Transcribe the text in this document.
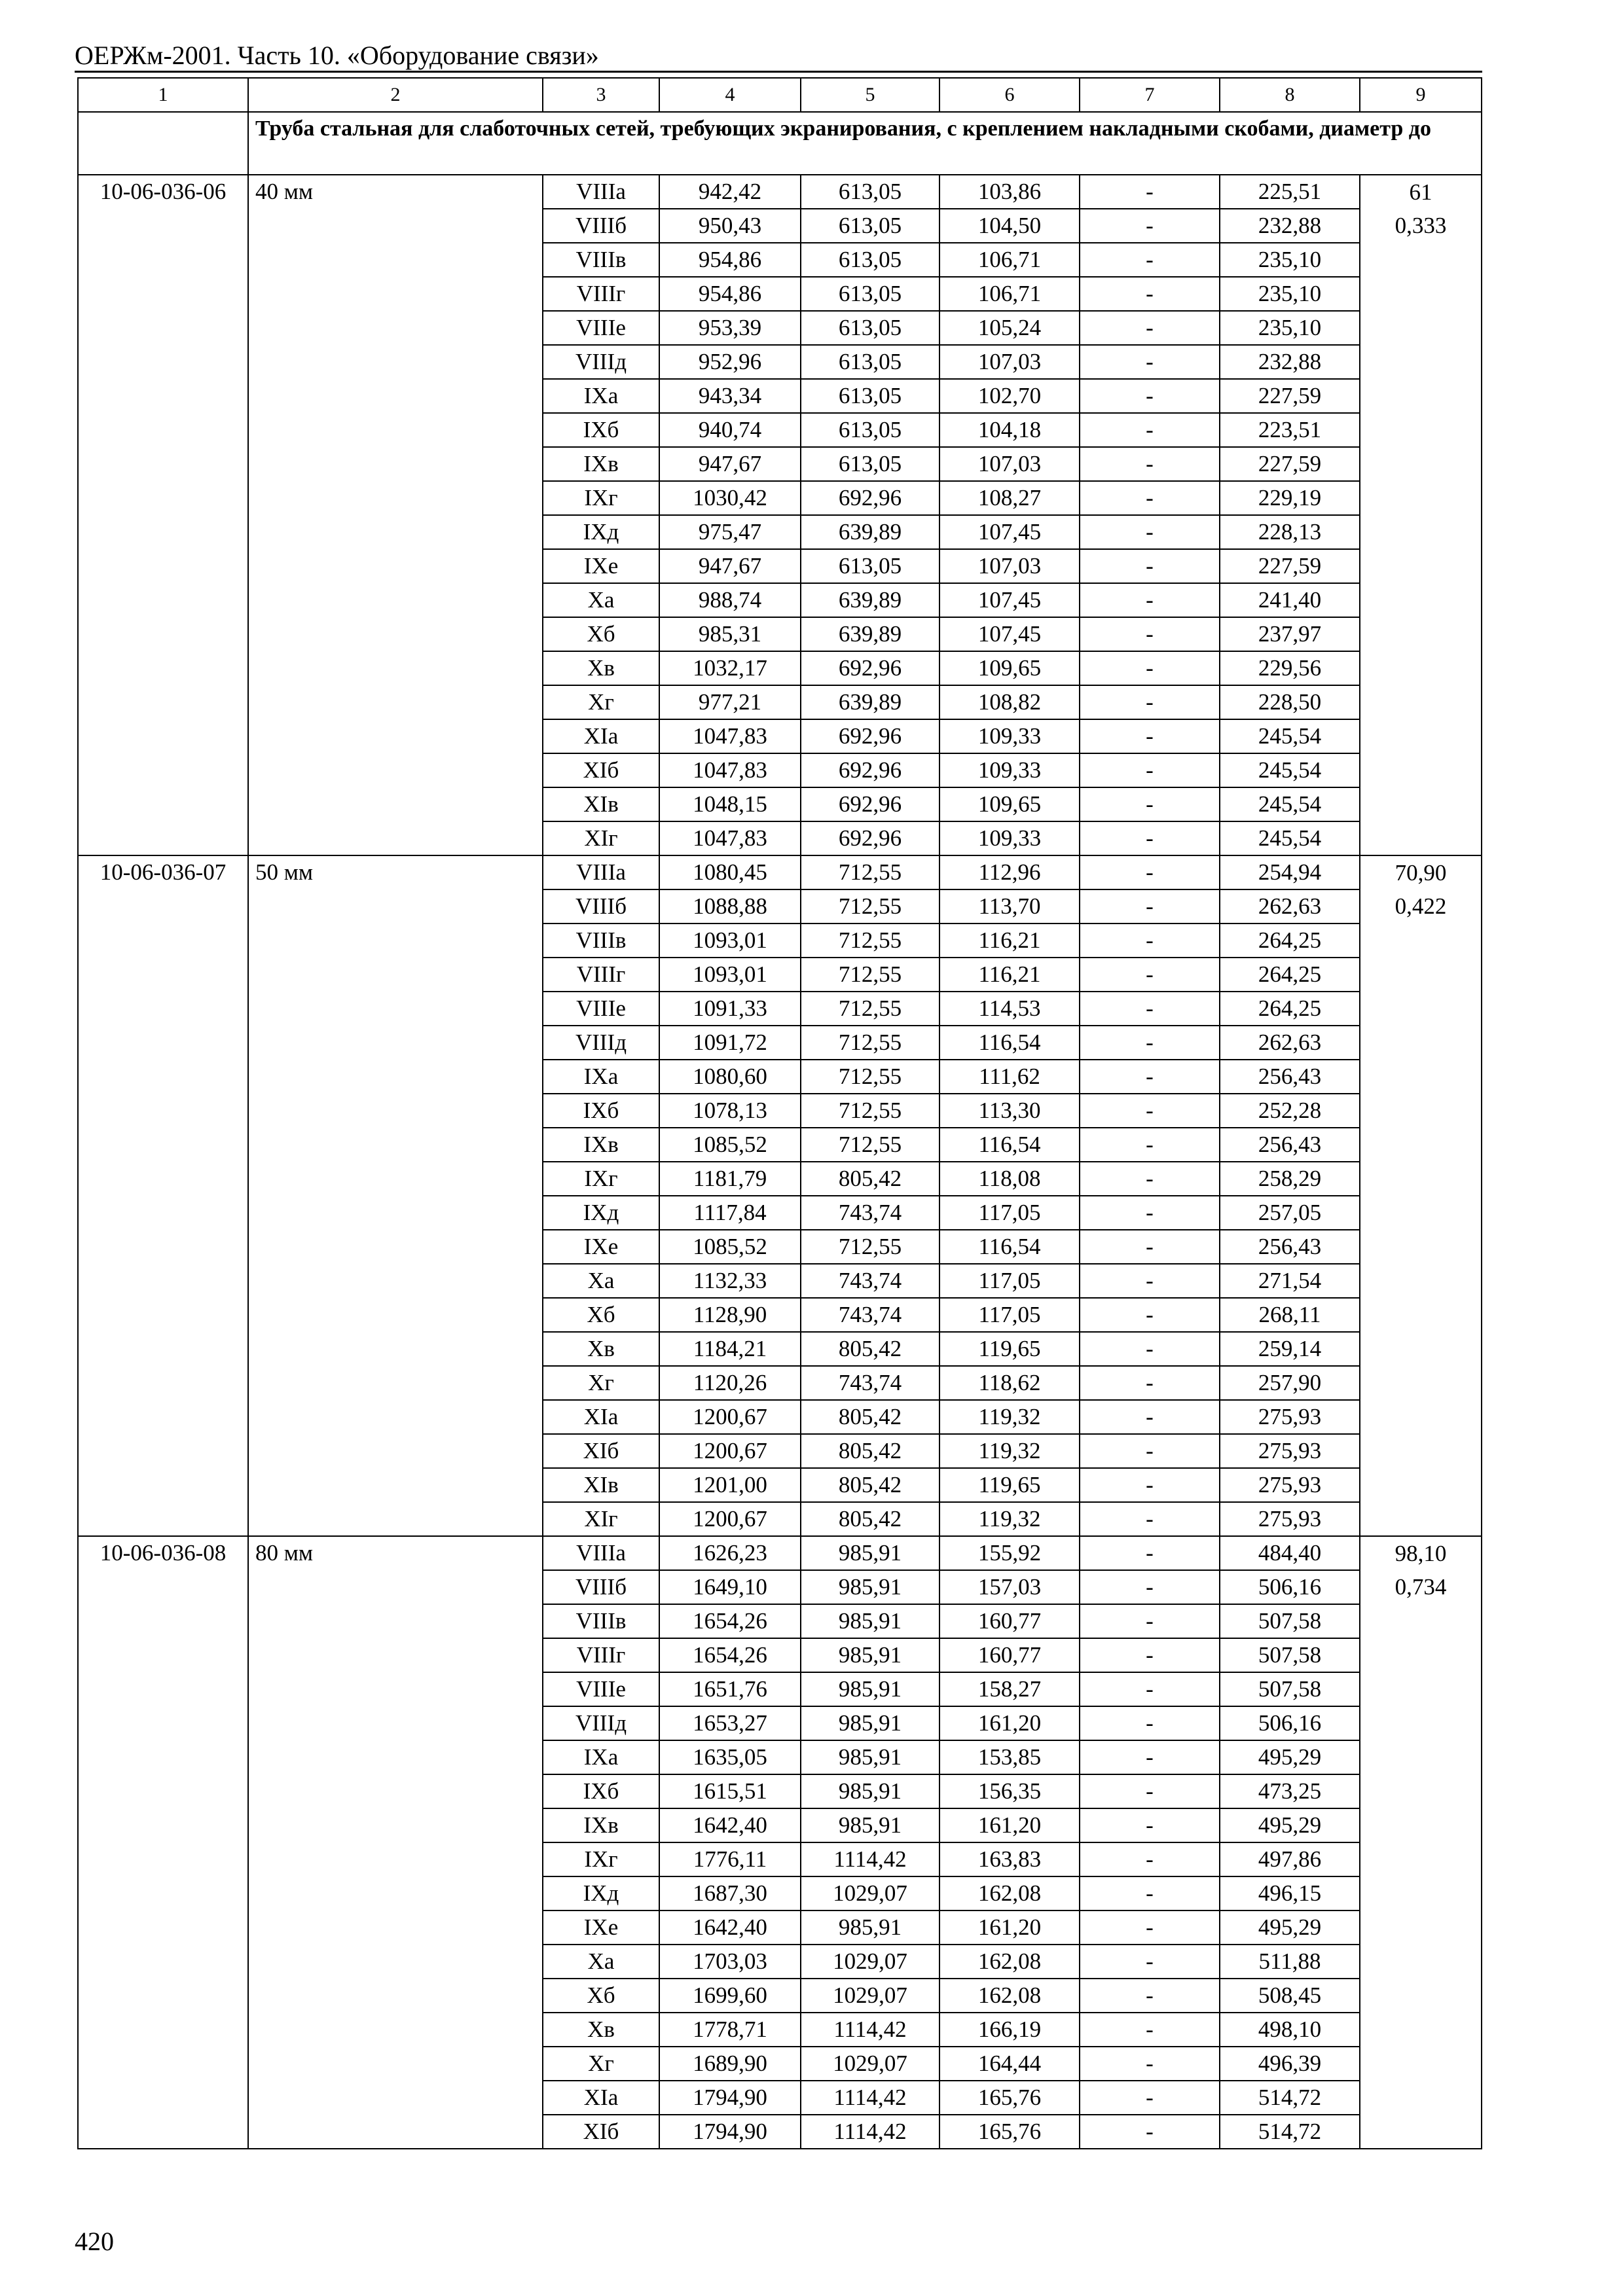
ОЕРЖм-2001. Часть 10. «Оборудование связи»
1	2	3	4	5	6	7	8	9
	Труба стальная для слаботочных сетей, требующих экранирования, с креплением накладными скобами, диаметр до							
10-06-036-06	40 мм	VIIIа	942,42	613,05	103,86	-	225,51	61
		VIIIб	950,43	613,05	104,50	-	232,88	0,333
		VIIIв	954,86	613,05	106,71	-	235,10	
		VIIIг	954,86	613,05	106,71	-	235,10	
		VIIIе	953,39	613,05	105,24	-	235,10	
		VIIIд	952,96	613,05	107,03	-	232,88	
		IXа	943,34	613,05	102,70	-	227,59	
		IXб	940,74	613,05	104,18	-	223,51	
		IXв	947,67	613,05	107,03	-	227,59	
		IXг	1030,42	692,96	108,27	-	229,19	
		IXд	975,47	639,89	107,45	-	228,13	
		IXе	947,67	613,05	107,03	-	227,59	
		Xа	988,74	639,89	107,45	-	241,40	
		Xб	985,31	639,89	107,45	-	237,97	
		Xв	1032,17	692,96	109,65	-	229,56	
		Xг	977,21	639,89	108,82	-	228,50	
		XIа	1047,83	692,96	109,33	-	245,54	
		XIб	1047,83	692,96	109,33	-	245,54	
		XIв	1048,15	692,96	109,65	-	245,54	
		XIг	1047,83	692,96	109,33	-	245,54	
10-06-036-07	50 мм	VIIIа	1080,45	712,55	112,96	-	254,94	70,90
		VIIIб	1088,88	712,55	113,70	-	262,63	0,422
		VIIIв	1093,01	712,55	116,21	-	264,25	
		VIIIг	1093,01	712,55	116,21	-	264,25	
		VIIIе	1091,33	712,55	114,53	-	264,25	
		VIIIд	1091,72	712,55	116,54	-	262,63	
		IXа	1080,60	712,55	111,62	-	256,43	
		IXб	1078,13	712,55	113,30	-	252,28	
		IXв	1085,52	712,55	116,54	-	256,43	
		IXг	1181,79	805,42	118,08	-	258,29	
		IXд	1117,84	743,74	117,05	-	257,05	
		IXе	1085,52	712,55	116,54	-	256,43	
		Xа	1132,33	743,74	117,05	-	271,54	
		Xб	1128,90	743,74	117,05	-	268,11	
		Xв	1184,21	805,42	119,65	-	259,14	
		Xг	1120,26	743,74	118,62	-	257,90	
		XIа	1200,67	805,42	119,32	-	275,93	
		XIб	1200,67	805,42	119,32	-	275,93	
		XIв	1201,00	805,42	119,65	-	275,93	
		XIг	1200,67	805,42	119,32	-	275,93	
10-06-036-08	80 мм	VIIIа	1626,23	985,91	155,92	-	484,40	98,10
		VIIIб	1649,10	985,91	157,03	-	506,16	0,734
		VIIIв	1654,26	985,91	160,77	-	507,58	
		VIIIг	1654,26	985,91	160,77	-	507,58	
		VIIIе	1651,76	985,91	158,27	-	507,58	
		VIIIд	1653,27	985,91	161,20	-	506,16	
		IXа	1635,05	985,91	153,85	-	495,29	
		IXб	1615,51	985,91	156,35	-	473,25	
		IXв	1642,40	985,91	161,20	-	495,29	
		IXг	1776,11	1114,42	163,83	-	497,86	
		IXд	1687,30	1029,07	162,08	-	496,15	
		IXе	1642,40	985,91	161,20	-	495,29	
		Xа	1703,03	1029,07	162,08	-	511,88	
		Xб	1699,60	1029,07	162,08	-	508,45	
		Xв	1778,71	1114,42	166,19	-	498,10	
		Xг	1689,90	1029,07	164,44	-	496,39	
		XIа	1794,90	1114,42	165,76	-	514,72	
		XIб	1794,90	1114,42	165,76	-	514,72	
420
